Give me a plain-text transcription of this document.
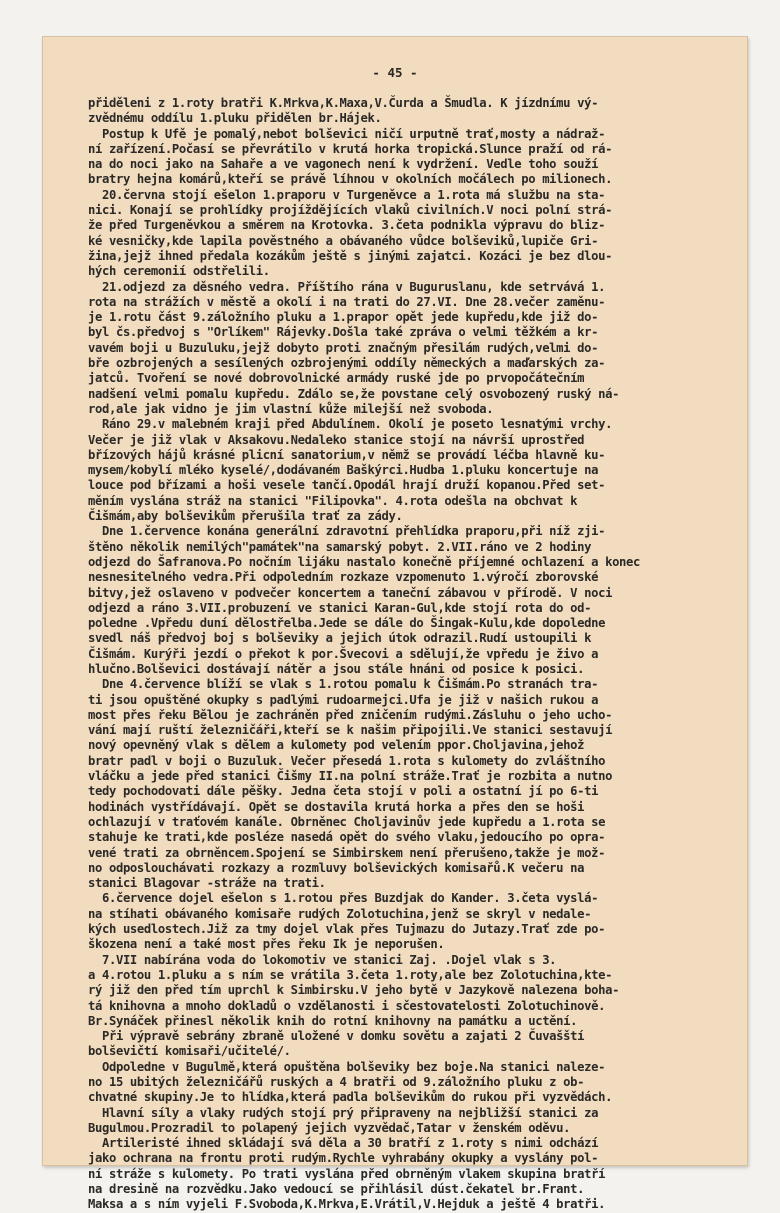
- 45 -
přiděleni z 1.roty bratři K.Mrkva,K.Maxa,V.Čurda a Šmudla. K jízdnímu vý-
zvědnému oddílu 1.pluku přidělen br.Hájek.
Postup k Ufě je pomalý,nebot bolševici ničí urputně trať,mosty a nádraž-
ní zařízení.Počasí se převrátilo v krutá horka tropická.Slunce praží od rá-
na do noci jako na Sahaře a ve vagonech není k vydržení. Vedle toho souží
bratry hejna komárů,kteří se právě líhnou v okolních močálech po milionech.
20.června stojí ešelon 1.praporu v Turgeněvce a 1.rota má službu na sta-
nici. Konají se prohlídky projíždějících vlaků civilních.V noci polní strá-
že před Turgeněvkou a směrem na Krotovka. 3.četa podnikla výpravu do bliz-
ké vesničky,kde lapila pověstného a obávaného vůdce bolševiků,lupiče Gri-
žina,jejž ihned předala kozákům ještě s jinými zajatci. Kozáci je bez dlou-
hých ceremonií odstřelili.
21.odjezd za děsného vedra. Příštího rána v Buguruslanu, kde setrvává 1.
rota na strážích v městě a okolí i na trati do 27.VI. Dne 28.večer zaměnu-
je 1.rotu část 9.záložního pluku a 1.prapor opět jede kupředu,kde již do-
byl čs.předvoj s "Orlíkem" Rájevky.Došla také zpráva o velmi těžkém a kr-
vavém boji u Buzuluku,jejž dobyto proti značným přesilám rudých,velmi do-
bře ozbrojených a sesílených ozbrojenými oddíly německých a maďarských za-
jatců. Tvoření se nové dobrovolnické armády ruské jde po prvopočátečním
nadšení velmi pomalu kupředu. Zdálo se,že povstane celý osvobozený ruský ná-
rod,ale jak vidno je jim vlastní kůže milejší než svoboda.
Ráno 29.v malebném kraji před Abdulínem. Okolí je poseto lesnatými vrchy.
Večer je již vlak v Aksakovu.Nedaleko stanice stojí na návrší uprostřed
břízových hájů krásné plicní sanatorium,v němž se provádí léčba hlavně ku-
mysem/kobylí mléko kyselé/,dodávaném Baškýrci.Hudba 1.pluku koncertuje na
louce pod břízami a hoši vesele tančí.Opodál hrají druží kopanou.Před set-
měním vyslána stráž na stanici "Filipovka". 4.rota odešla na obchvat k
Čišmám,aby bolševikům přerušila trať za zády.
Dne 1.července konána generální zdravotní přehlídka praporu,při níž zji-
štěno několik nemilých"památek"na samarský pobyt. 2.VII.ráno ve 2 hodiny
odjezd do Šafranova.Po nočním lijáku nastalo konečně příjemné ochlazení a konec
nesnesitelného vedra.Při odpoledním rozkaze vzpomenuto 1.výročí zborovské
bitvy,jež oslaveno v podvečer koncertem a taneční zábavou v přírodě. V noci
odjezd a ráno 3.VII.probuzení ve stanici Karan-Gul,kde stojí rota do od-
poledne .Vpředu duní dělostřelba.Jede se dále do Šingak-Kulu,kde dopoledne
svedl náš předvoj boj s bolševiky a jejich útok odrazil.Rudí ustoupili k
Čišmám. Kurýři jezdí o překot k por.Švecovi a sdělují,že vpředu je živo a
hlučno.Bolševici dostávají nátěr a jsou stále hnáni od posice k posici.
Dne 4.července blíží se vlak s 1.rotou pomalu k Čišmám.Po stranách tra-
ti jsou opuštěné okupky s padlými rudoarmejci.Ufa je již v našich rukou a
most přes řeku Bělou je zachráněn před zničením rudými.Zásluhu o jeho ucho-
vání mají ruští železničáři,kteří se k našim připojili.Ve stanici sestavují
nový opevněný vlak s dělem a kulomety pod velením ppor.Choljavina,jehož
bratr padl v boji o Buzuluk. Večer přesedá 1.rota s kulomety do zvláštního
vláčku a jede před stanici Čišmy II.na polní stráže.Trať je rozbita a nutno
tedy pochodovati dále pěšky. Jedna četa stojí v poli a ostatní jí po 6-ti
hodinách vystřídávají. Opět se dostavila krutá horka a přes den se hoši
ochlazují v traťovém kanále. Obrněnec Choljavinův jede kupředu a 1.rota se
stahuje ke trati,kde posléze nasedá opět do svého vlaku,jedoucího po opra-
vené trati za obrněncem.Spojení se Simbirskem není přerušeno,takže je mož-
no odposlouchávati rozkazy a rozmluvy bolševických komisařů.K večeru na
stanici Blagovar -stráže na trati.
6.července dojel ešelon s 1.rotou přes Buzdjak do Kander. 3.četa vyslá-
na stíhati obávaného komisaře rudých Zolotuchina,jenž se skryl v nedale-
kých usedlostech.Již za tmy dojel vlak přes Tujmazu do Jutazy.Trať zde po-
škozena není a také most přes řeku Ik je neporušen.
7.VII nabírána voda do lokomotiv ve stanici Zaj. .Dojel vlak s 3.
a 4.rotou 1.pluku a s ním se vrátila 3.četa 1.roty,ale bez Zolotuchina,kte-
rý již den před tím uprchl k Simbirsku.V jeho bytě v Jazykově nalezena boha-
tá knihovna a mnoho dokladů o vzdělanosti i sčestovatelosti Zolotuchinově.
Br.Synáček přinesl několik knih do rotní knihovny na památku a uctění.
Při výpravě sebrány zbraně uložené v domku sovětu a zajati 2 Čuvašští
bolševičtí komisaři/učitelé/.
Odpoledne v Bugulmě,která opuštěna bolševiky bez boje.Na stanici naleze-
no 15 ubitých železničářů ruských a 4 bratři od 9.záložního pluku z ob-
chvatné skupiny.Je to hlídka,která padla bolševikům do rukou při vyzvědách.
Hlavní síly a vlaky rudých stojí prý připraveny na nejbližší stanici za
Bugulmou.Prozradil to polapený jejich vyzvědač,Tatar v ženském oděvu.
Artileristé ihned skládají svá děla a 30 bratří z 1.roty s nimi odchází
jako ochrana na frontu proti rudým.Rychle vyhrabány okupky a vyslány pol-
ní stráže s kulomety. Po trati vyslána před obrněným vlakem skupina bratří
na dresině na rozvědku.Jako vedoucí se přihlásil dúst.čekatel br.Frant.
Maksa a s ním vyjeli F.Svoboda,K.Mrkva,E.Vrátil,V.Hejduk a ještě 4 bratři.
